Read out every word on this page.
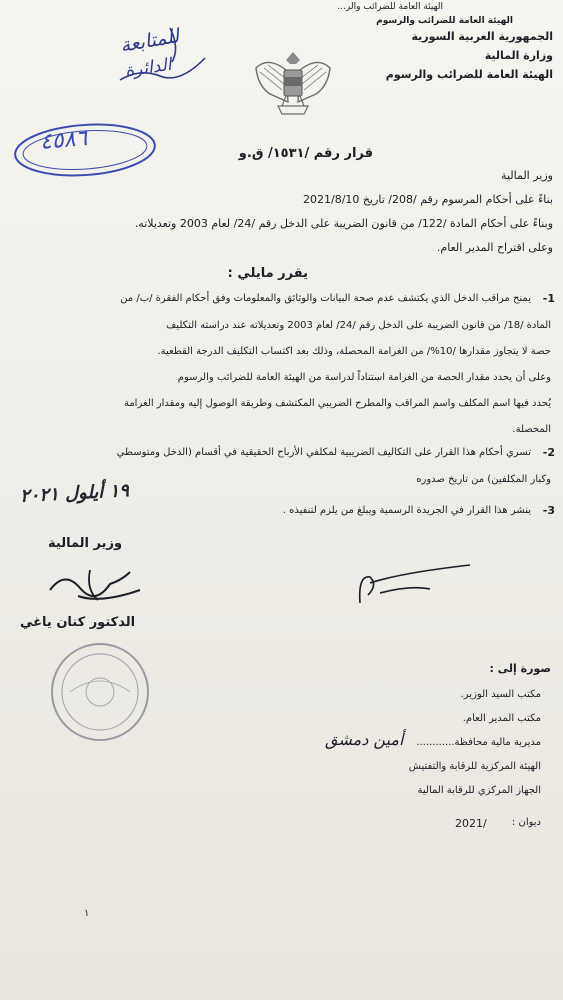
الهيئة العامة للضرائب والر...
الهيئة العامة للضرائب والرسوم
الجمهورية العربية السورية
وزارة المالية
الهيئة العامة للضرائب والرسوم
للمتابعة
الدائرة
٤٥٨٦	قرار رقم /١٥٣١/ ق.و
وزير المالية
بناءً على أحكام المرسوم رقم /208/ تاريخ 2021/8/10
وبناءً على أحكام المادة /122/ من قانون الضريبة على الدخل رقم /24/ لعام 2003 وتعديلاته.
وعلى اقتراح المدير العام.
يقرر مايلي :
1-
يمنح مراقب الدخل الذي يكتشف عدم صحة البيانات والوثائق والمعلومات وفق أحكام الفقرة /ب/ من
المادة /18/ من قانون الضريبة على الدخل رقم /24/ لعام 2003 وتعديلاته عند دراسته التكليف
حصة لا يتجاوز مقدارها /10%/ من الغرامة المحصلة، وذلك بعد اكتساب التكليف الدرجة القطعية.
وعلى أن يحدد مقدار الحصة من الغرامة استناداً لدراسة من الهيئة العامة للضرائب والرسوم
يُحدد فيها اسم المكلف واسم المراقب والمطرح الضريبي المكتشف وطريقة الوصول إليه ومقدار الغرامة
المحصلة.
2-
تسري أحكام هذا القرار على التكاليف الضريبية لمكلفي الأرباح الحقيقية في أقسام (الدخل ومتوسطي
وكبار المكلفين) من تاريخ صدوره
١٩ أيلول ٢٠٢١
3-
ينشر هذا القرار في الجريدة الرسمية ويبلغ من يلزم لتنفيذه .
وزير المالية
الدكتور كنان ياغي
صورة إلى :
مكتب السيد الوزير.
مكتب المدير العام.
مديرية مالية محافظة............
أمين دمشق
الهيئة المركزية للرقابة والتفتيش
الجهاز المركزي للرقابة المالية
ديوان :
2021/
١
